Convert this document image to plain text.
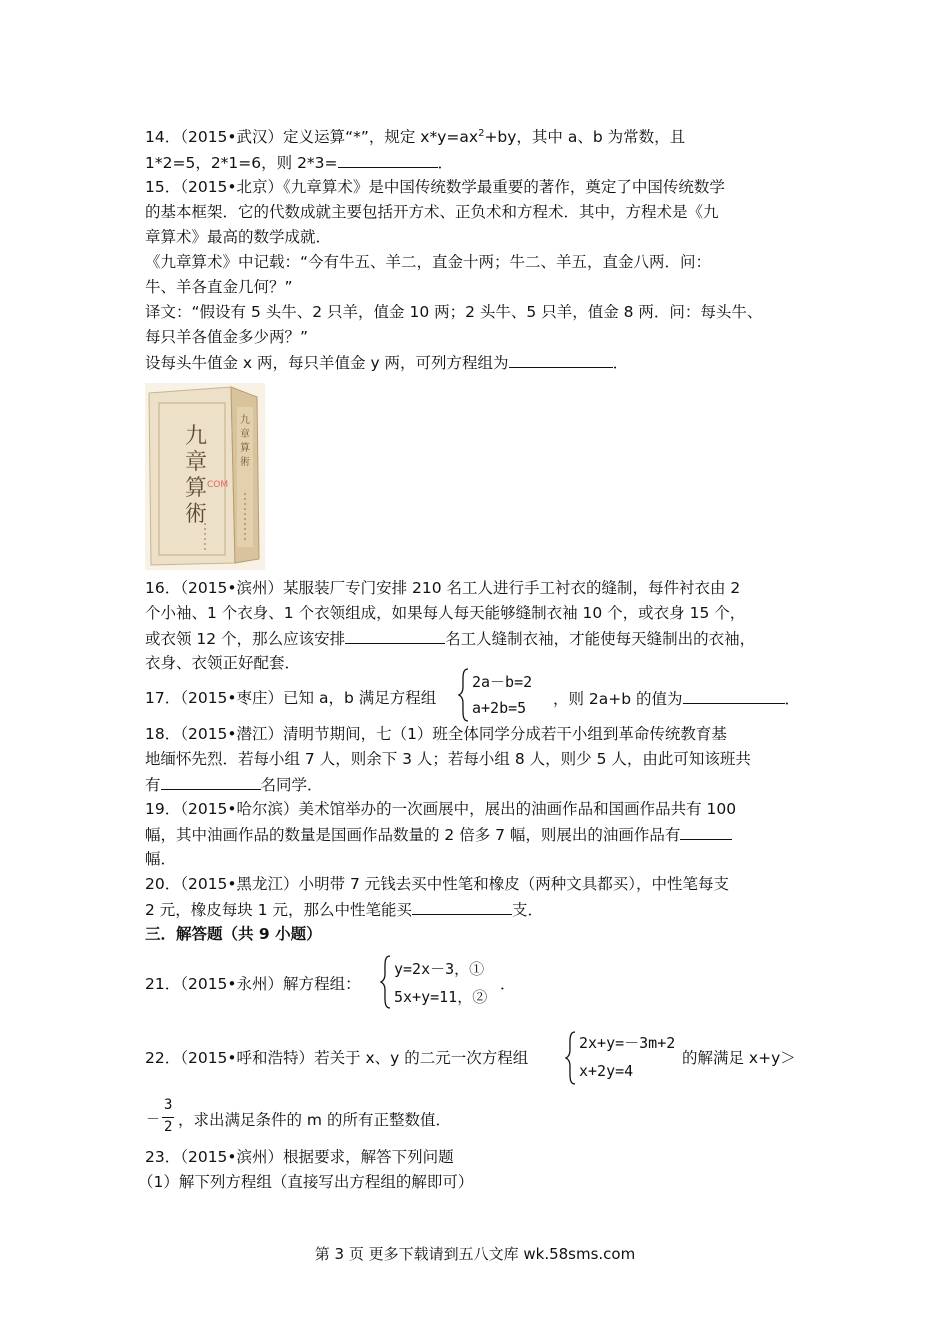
14．（2015•武汉）定义运算“*”，规定 $x*y=ax^2+by$，其中 a、b 为常数，且
1*2=5，2*1=6，则 2*3=	．
15．（2015•北京）《九章算术》是中国传统数学最重要的著作，奠定了中国传统数学
的基本框架．它的代数成就主要包括开方术、正负术和方程术．其中，方程术是《九
章算术》最高的数学成就．
《九章算术》中记载：“今有牛五、羊二，直金十两；牛二、羊五，直金八两．问：
牛、羊各直金几何？”
译文：“假设有 5 头牛、2 只羊，值金 10 两；2 头牛、5 只羊，值金 8 两．问：每头牛、
每只羊各值金多少两？”
设每头牛值金 x 两，每只羊值金 y 两，可列方程组为	．
九
章
算
術
COM
九
章
算
術
16．（2015•滨州）某服装厂专门安排 210 名工人进行手工衬衣的缝制，每件衬衣由 2
个小袖、1 个衣身、1 个衣领组成，如果每人每天能够缝制衣袖 10 个，或衣身 15 个，
或衣领 12 个，那么应该安排	名工人缝制衣袖，才能使每天缝制出的衣袖，
衣身、衣领正好配套．
17．（2015•枣庄）已知 a，b 满足方程组
2a－b=2
a+2b=5 ，则 2a+b 的值为	．
18．（2015•潜江）清明节期间，七（1）班全体同学分成若干小组到革命传统教育基
地缅怀先烈．若每小组 7 人，则余下 3 人；若每小组 8 人，则少 5 人，由此可知该班共
有	名同学．
19．（2015•哈尔滨）美术馆举办的一次画展中，展出的油画作品和国画作品共有 100
幅，其中油画作品的数量是国画作品数量的 2 倍多 7 幅，则展出的油画作品有
幅．
20．（2015•黑龙江）小明带 7 元钱去买中性笔和橡皮（两种文具都买），中性笔每支
2 元，橡皮每块 1 元，那么中性笔能买	支．
三．解答题（共 9 小题）
21．（2015•永州）解方程组：
y=2x－3，①
5x+y=11，②
．
22．（2015•呼和浩特）若关于 x、y 的二元一次方程组
2x+y=－3m+2
x+2y=4
的解满足 x+y＞
－
3
2 ，求出满足条件的 m 的所有正整数值．
23．（2015•滨州）根据要求，解答下列问题
（1）解下列方程组（直接写出方程组的解即可）
第 3 页 更多下载请到五八文库 wk.58sms.com
